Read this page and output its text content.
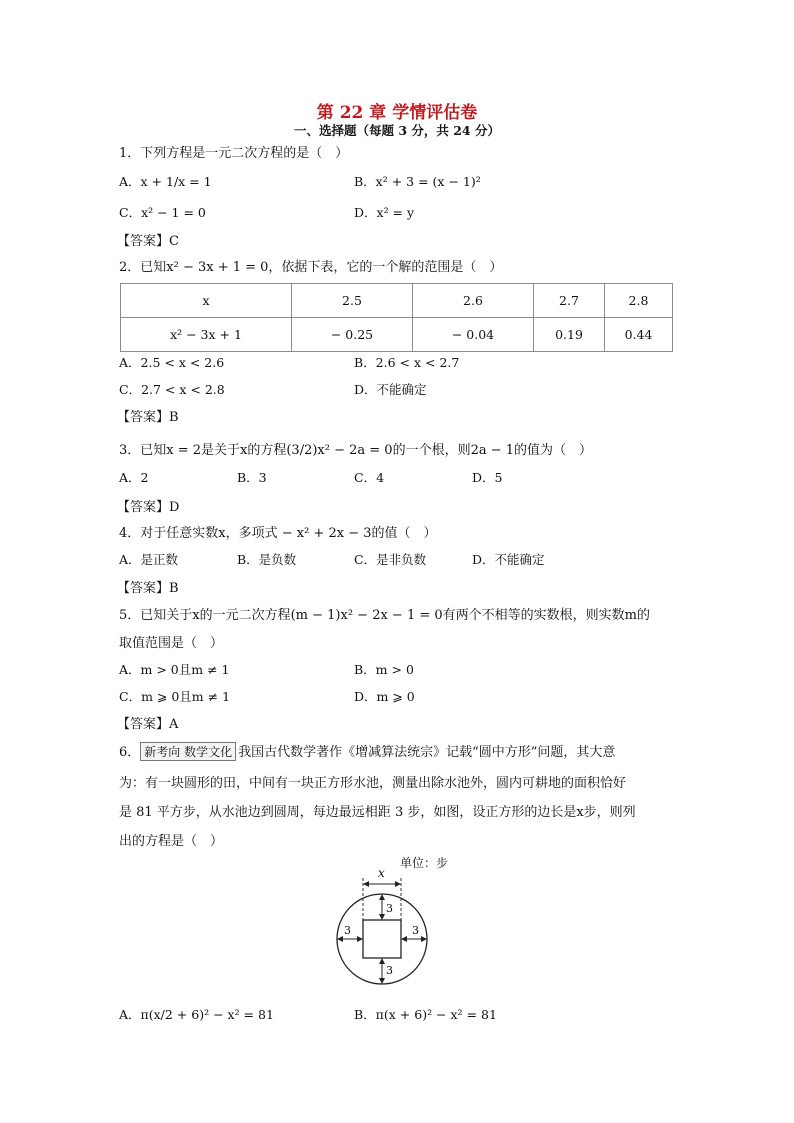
第 22 章 学情评估卷
一、选择题（每题 3 分，共 24 分）
1．下列方程是一元二次方程的是（　）
A．x + 1/x = 1	B．x² + 3 = (x − 1)²
C．x² − 1 = 0	D．x² = y
【答案】C
2．已知x² − 3x + 1 = 0，依据下表，它的一个解的范围是（　）
x	2.5	2.6	2.7	2.8
x² − 3x + 1	− 0.25	− 0.04	0.19	0.44
A．2.5 < x < 2.6	B．2.6 < x < 2.7
C．2.7 < x < 2.8	D．不能确定
【答案】B
3．已知x = 2是关于x的方程(3/2)x² − 2a = 0的一个根，则2a − 1的值为（　）
A．2	B．3	C．4	D．5
【答案】D
4．对于任意实数x，多项式 − x² + 2x − 3的值（　）
A．是正数	B．是负数	C．是非负数	D．不能确定
【答案】B
5．已知关于x的一元二次方程(m − 1)x² − 2x − 1 = 0有两个不相等的实数根，则实数m的
取值范围是（　）
A．m > 0且m ≠ 1	B．m > 0
C．m ⩾ 0且m ≠ 1	D．m ⩾ 0
【答案】A
6． 新考向 数学文化 我国古代数学著作《增减算法统宗》记载“圆中方形”问题，其大意
为：有一块圆形的田，中间有一块正方形水池，测量出除水池外，圆内可耕地的面积恰好
是 81 平方步，从水池边到圆周，每边最远相距 3 步，如图，设正方形的边长是x步，则列
出的方程是（　）
x
单位：步
3
3	3
3
A．π(x/2 + 6)² − x² = 81	B．π(x + 6)² − x² = 81
